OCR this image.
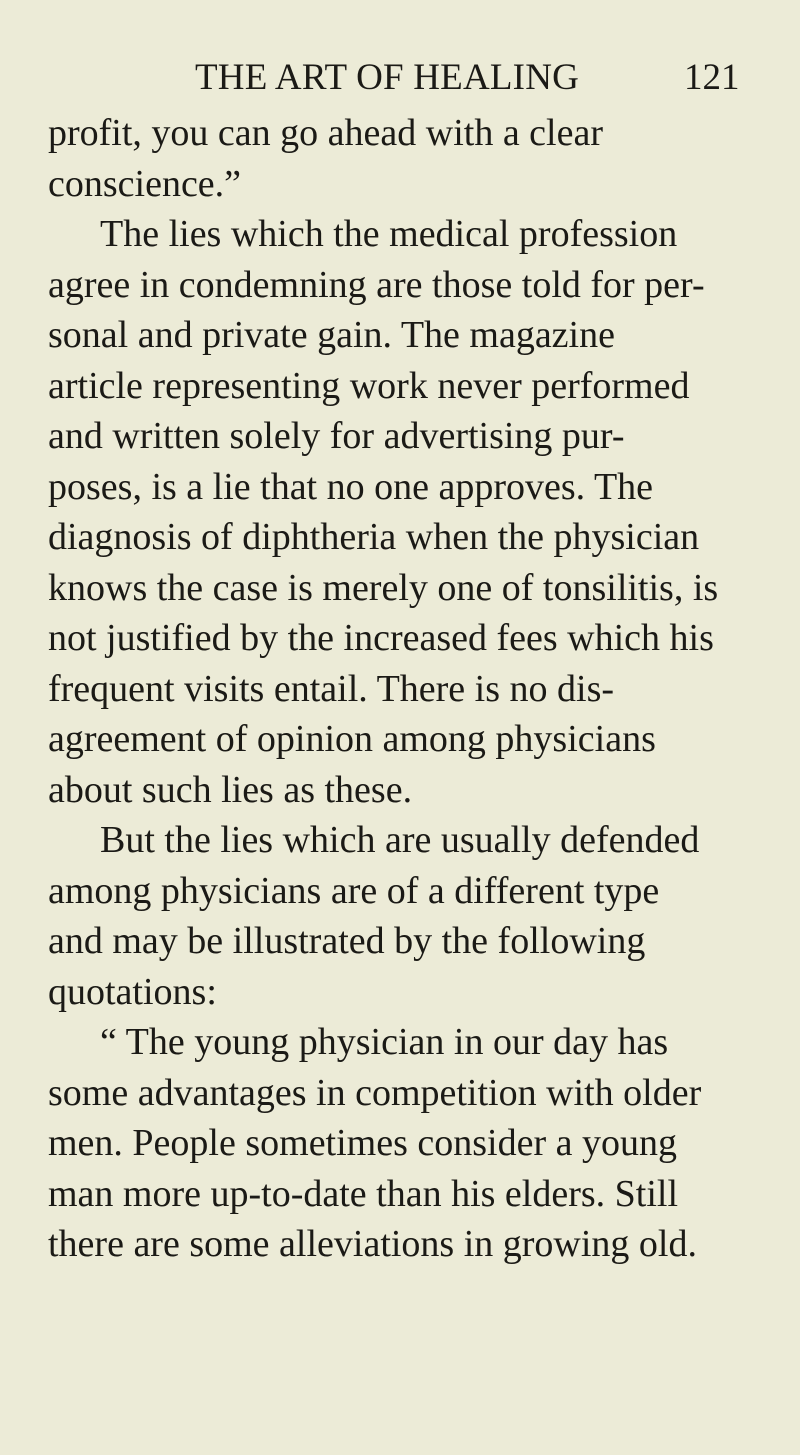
THE ART OF HEALING	121
profit, you can go ahead with a clear
conscience.”
The lies which the medical profession
agree in condemning are those told for per-
sonal and private gain. The magazine
article representing work never performed
and written solely for advertising pur-
poses, is a lie that no one approves. The
diagnosis of diphtheria when the physician
knows the case is merely one of tonsilitis, is
not justified by the increased fees which his
frequent visits entail. There is no dis-
agreement of opinion among physicians
about such lies as these.
But the lies which are usually defended
among physicians are of a different type
and may be illustrated by the following
quotations:
“ The young physician in our day has
some advantages in competition with older
men. People sometimes consider a young
man more up-to-date than his elders. Still
there are some alleviations in growing old.
